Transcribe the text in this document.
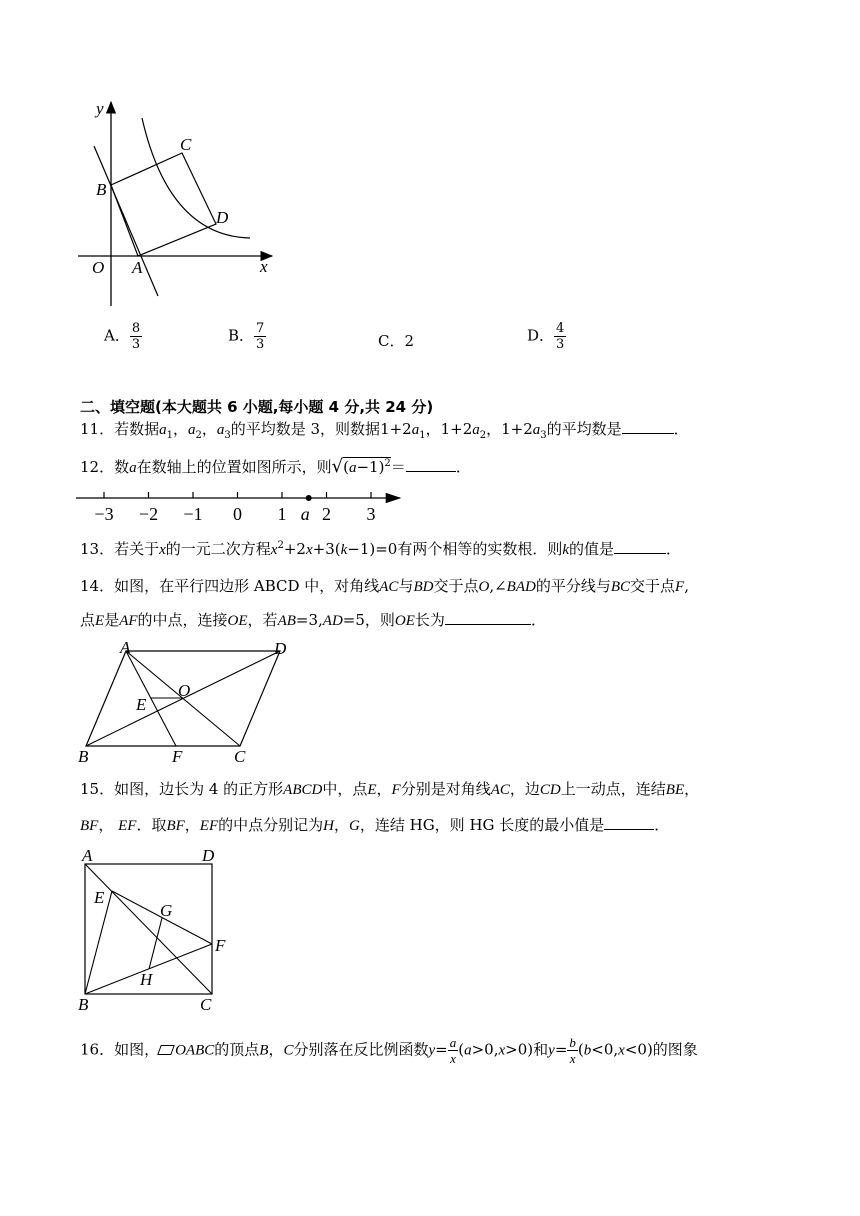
y
x
O A
B
C
D
A． $\frac{8}{3}$	B． $\frac{7}{3}$	C．2	D． $\frac{4}{3}$
二、填空题(本大题共 6 小题,每小题 4 分,共 24 分)
11．若数据$a_1$，$a_2$，$a_3$的平均数是 3，则数据$1+2a_1$，$1+2a_2$，$1+2a_3$的平均数是	．
12．数a在数轴上的位置如图所示，则$√(a-1)^2=$	．
−3 −2 −1 0 1 2 3
a
13．若关于x的一元二次方程$x^2+2x+3(k-1)=0$有两个相等的实数根．则k的值是	．
14．如图，在平行四边形 ABCD 中，对角线AC与BD交于点O,∠BAD的平分线与BC交于点F,
点E是AF的中点，连接OE，若AB=3,AD=5，则OE长为	．
A	D
O
E
B	F	C
15．如图，边长为 4 的正方形ABCD中，点E，F分别是对角线AC，边CD上一动点，连结BE，
BF， EF．取BF，EF的中点分别记为H，G，连结 HG，则 HG 长度的最小值是	．
A	D
E
G
F
H
B	C
16．如图， OABC的顶点B，C分别落在反比例函数$y= \frac{a}{x} (a>0,x>0)$和$y= \frac{b}{x} (b<0,x<0)$的图象
